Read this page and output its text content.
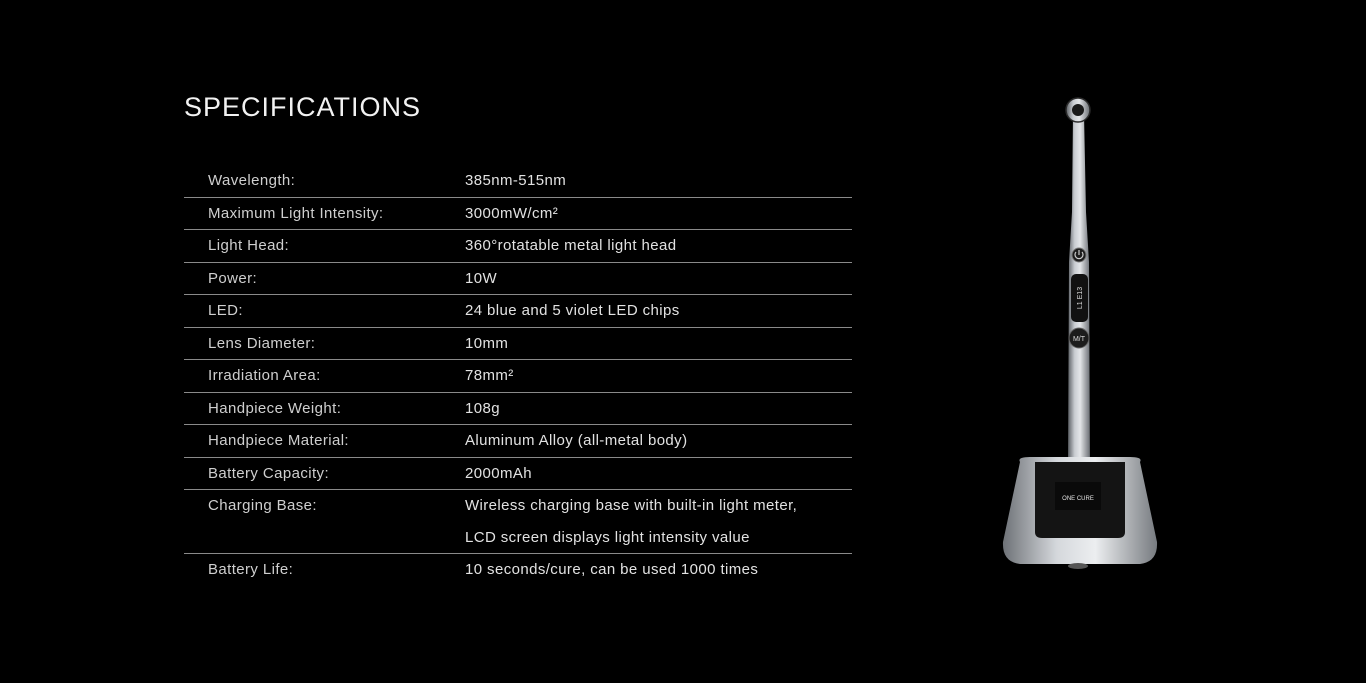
SPECIFICATIONS
Wavelength:	385nm-515nm
Maximum Light Intensity:	3000mW/cm²
Light Head:	360°rotatable metal light head
Power:	10W
LED:	24 blue and 5 violet LED chips
Lens Diameter:	10mm
Irradiation Area:	78mm²
Handpiece Weight:	108g
Handpiece Material:	Aluminum Alloy (all-metal body)
Battery Capacity:	2000mAh
Charging Base:	Wireless charging base with built-in light meter,
LCD screen displays light intensity value
Battery Life:	10 seconds/cure, can be used 1000 times
L1 E13
M/T
ONE CURE
